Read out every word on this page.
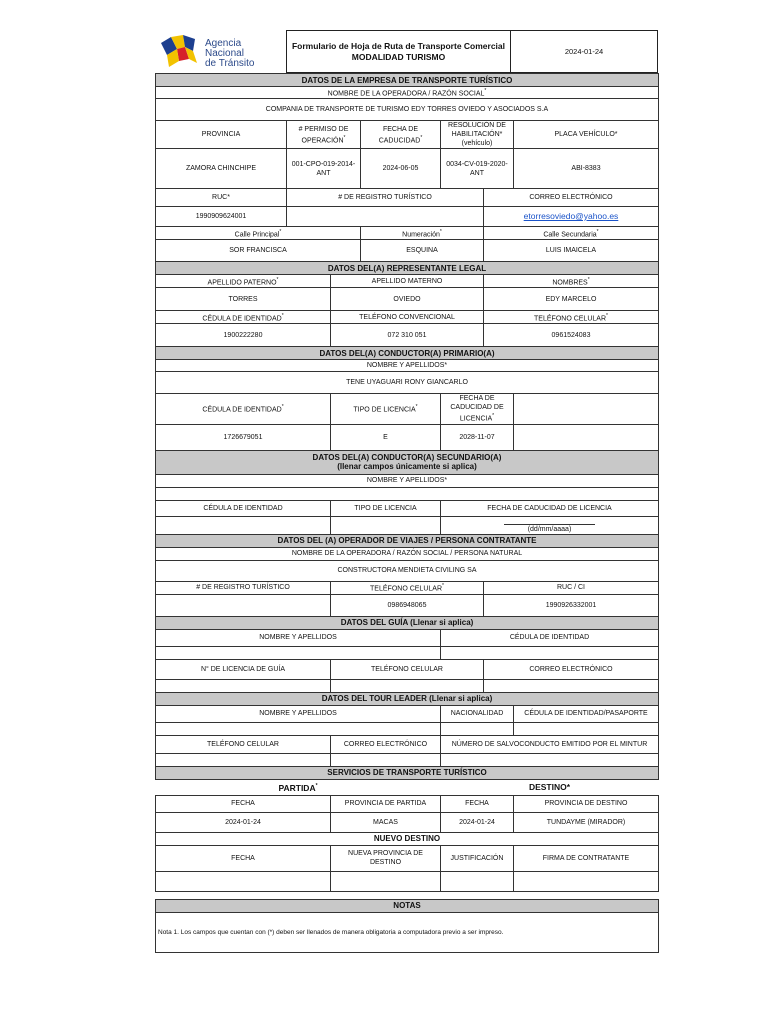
Agencia
Nacional
de Tránsito
Formulario de Hoja de Ruta de Transporte Comercial
MODALIDAD TURISMO	2024-01-24
DATOS DE LA EMPRESA DE TRANSPORTE TURÍSTICO						
NOMBRE DE LA OPERADORA / RAZÓN SOCIAL*
COMPANIA DE TRANSPORTE DE TURISMO EDY TORRES OVIEDO Y ASOCIADOS S.A						
PROVINCIA	# PERMISO DE OPERACIÓN*		FECHA DE CADUCIDAD*	RESOLUCIÓN DE HABILITACIÓN* (vehículo)		PLACA VEHÍCULO*
ZAMORA CHINCHIPE	001-CPO-019-2014-ANT		2024-06-05	0034-CV-019-2020-ANT		ABI-8383
RUC*	# DE REGISTRO TURÍSTICO				CORREO ELECTRÓNICO	
1990909624001					etorresoviedo@yahoo.es	
Calle Principal*			Numeración*		Calle Secundaria*
SOR FRANCISCA			ESQUINA		LUIS IMAICELA	
DATOS DEL(A) REPRESENTANTE LEGAL						
APELLIDO PATERNO*		APELLIDO MATERNO			NOMBRES*
TORRES		OVIEDO			EDY MARCELO	
CÉDULA DE IDENTIDAD*		TELÉFONO CONVENCIONAL			TELÉFONO CELULAR*
1900222280		072 310 051			0961524083	
DATOS DEL(A) CONDUCTOR(A) PRIMARIO(A)						
NOMBRE Y APELLIDOS*						
TENE UYAGUARI RONY GIANCARLO						
CÉDULA DE IDENTIDAD*		TIPO DE LICENCIA*		FECHA DE CADUCIDAD DE LICENCIA*	
1726679051		E		2028-11-07		

DATOS DEL(A) CONDUCTOR(A) SECUNDARIO(A)
(llenar campos únicamente si aplica)						

NOMBRE Y APELLIDOS*						

CÉDULA DE IDENTIDAD		TIPO DE LICENCIA		FECHA DE CADUCIDAD DE LICENCIA		
				(dd/mm/aaaa)		
DATOS DEL (A) OPERADOR DE VIAJES / PERSONA CONTRATANTE						
NOMBRE DE LA OPERADORA / RAZÓN SOCIAL / PERSONA NATURAL						
CONSTRUCTORA MENDIETA CIVILING SA						
# DE REGISTRO TURÍSTICO		TELÉFONO CELULAR*			RUC / CI	
		0986948065			1990926332001	
DATOS DEL GUÍA (Llenar si aplica)						
NOMBRE Y APELLIDOS				CÉDULA DE IDENTIDAD		

N° DE LICENCIA DE GUÍA		TELÉFONO CELULAR			CORREO ELECTRÓNICO	

DATOS DEL TOUR LEADER (Llenar si aplica)						
NOMBRE Y APELLIDOS				NACIONALIDAD		CÉDULA DE IDENTIDAD/PASAPORTE

TELÉFONO CELULAR		CORREO ELECTRÓNICO		NÚMERO DE SALVOCONDUCTO EMITIDO POR EL MINTUR		

SERVICIOS DE TRANSPORTE TURÍSTICO						
PARTIDA*				DESTINO*		
FECHA		PROVINCIA DE PARTIDA		FECHA		PROVINCIA DE DESTINO
2024-01-24		MACAS		2024-01-24		TUNDAYME (MIRADOR)
NUEVO DESTINO						
FECHA		NUEVA PROVINCIA DE DESTINO		JUSTIFICACIÓN		FIRMA DE CONTRATANTE

NOTAS						
Nota 1. Los campos que cuentan con (*) deben ser llenados de manera obligatoria a computadora previo a ser impreso.						
